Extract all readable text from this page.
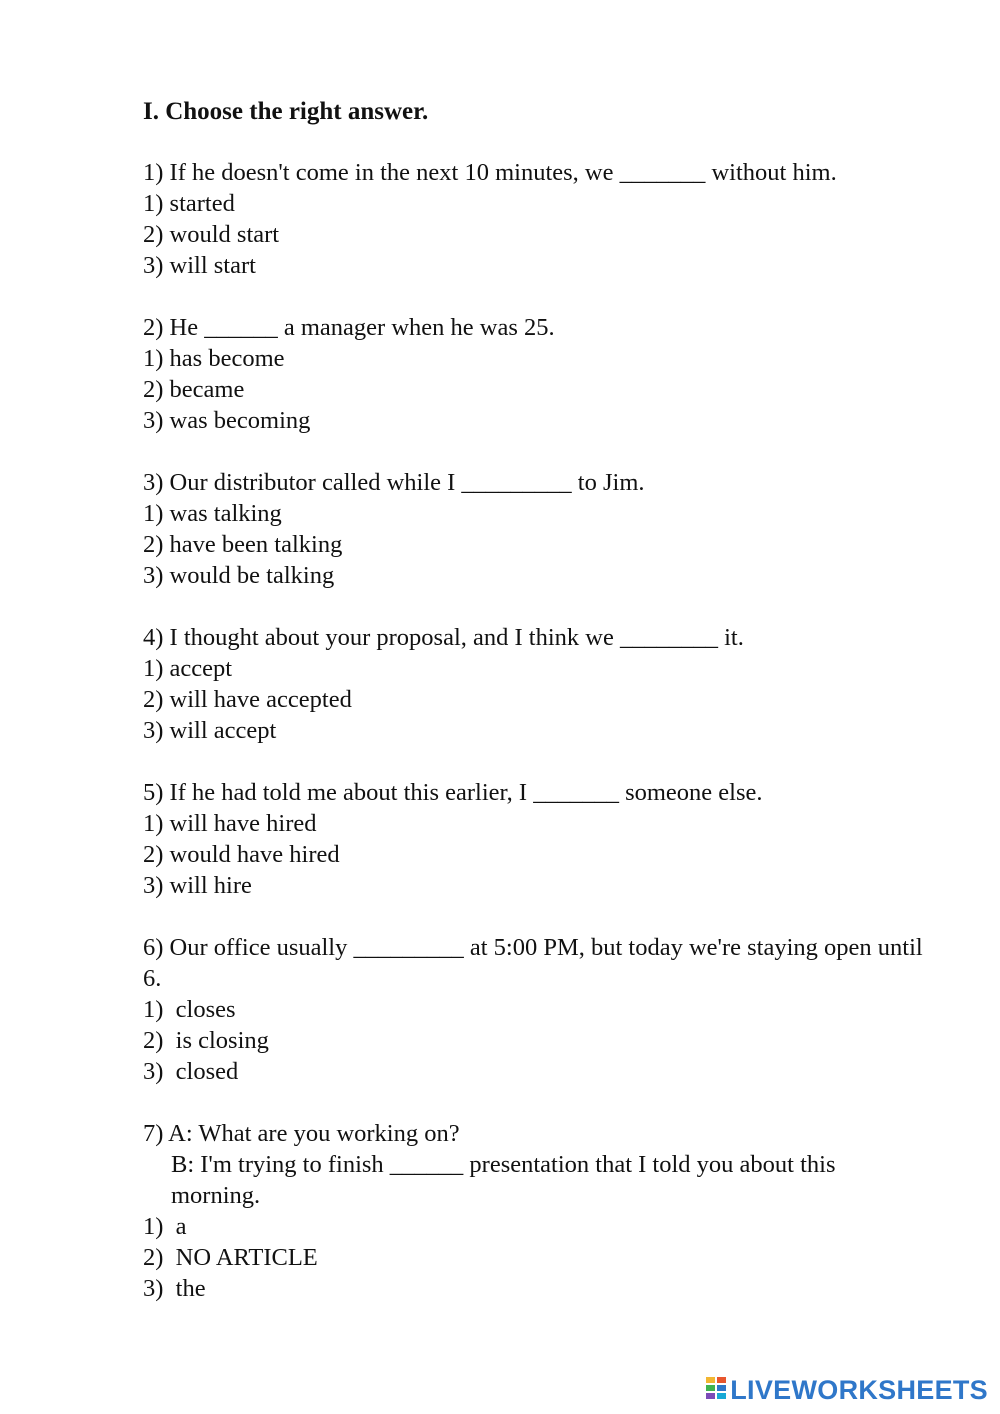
I. Choose the right answer.
1) If he doesn't come in the next 10 minutes, we _______ without him.
1) started
2) would start
3) will start
2) He ______ a manager when he was 25.
1) has become
2) became
3) was becoming
3) Our distributor called while I _________ to Jim.
1) was talking
2) have been talking
3) would be talking
4) I thought about your proposal, and I think we ________ it.
1) accept
2) will have accepted
3) will accept
5) If he had told me about this earlier, I _______ someone else.
1) will have hired
2) would have hired
3) will hire
6) Our office usually _________ at 5:00 PM, but today we're staying open until 6.
1)  closes
2)  is closing
3)  closed
7) A: What are you working on?
B: I'm trying to finish ______ presentation that I told you about this morning.
1)  a
2)  NO ARTICLE
3)  the
LIVEWORKSHEETS
